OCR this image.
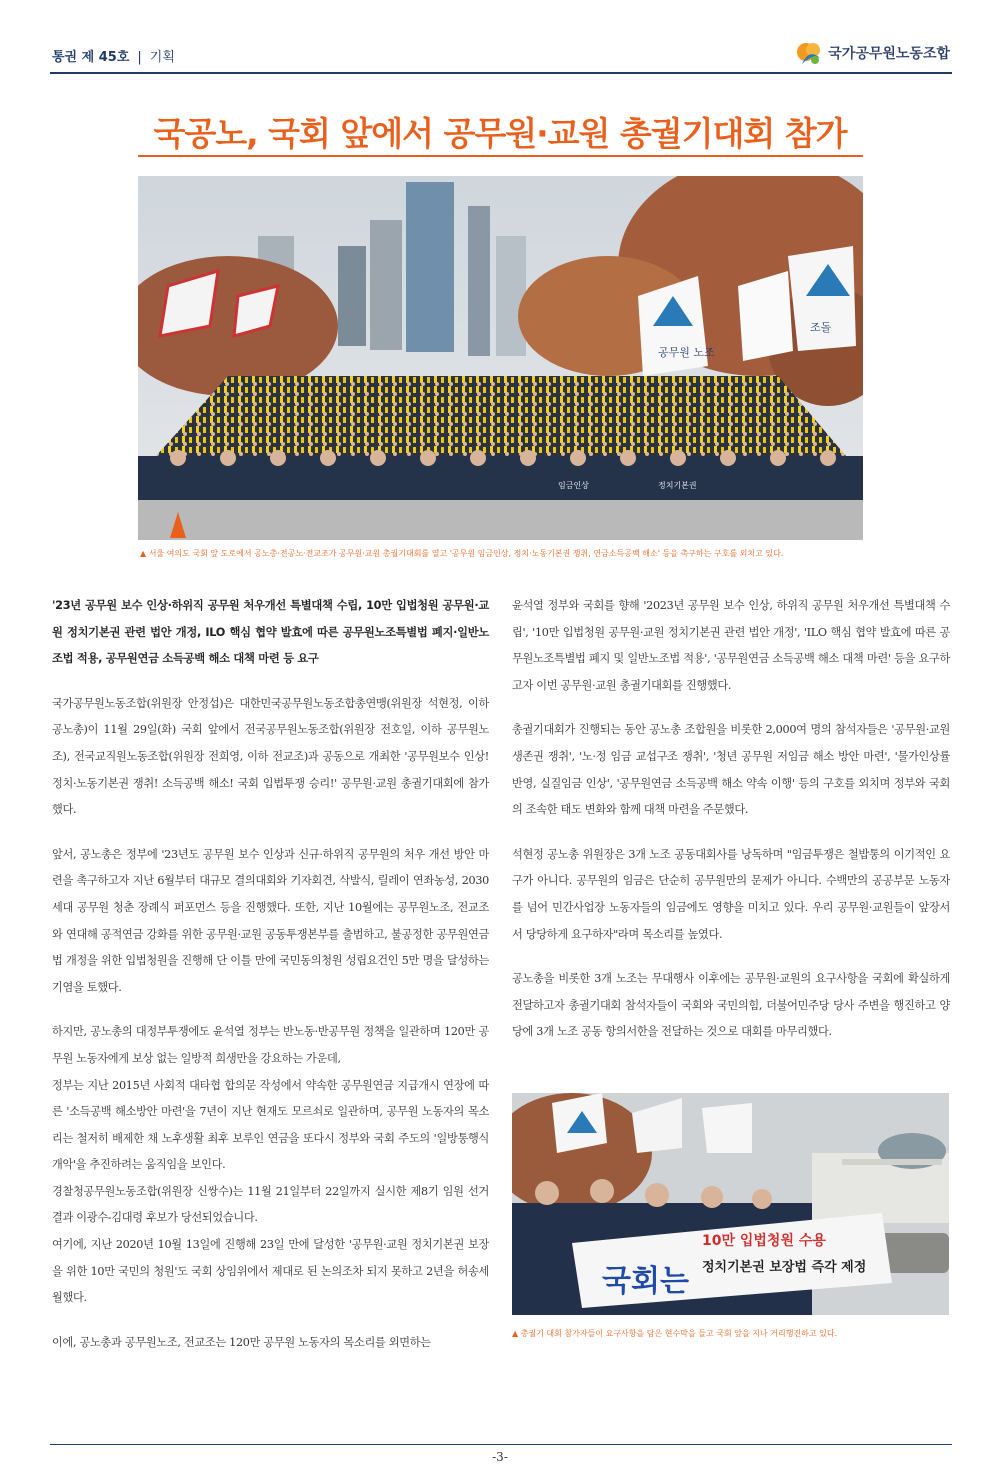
통권 제 45호 | 기획	국가공무원노동조합
국공노, 국회 앞에서 공무원·교원 총궐기대회 참가
공무원 노조
조돌
임금인상	정치기본권
▲ 서울 여의도 국회 앞 도로에서 공노총·전공노·전교조가 공무원·교원 총궐기대회를 열고 '공무원 임금인상, 정치·노동기본권 쟁취, 연금소득공백 해소' 등을 촉구하는 구호를 외치고 있다.

'23년 공무원 보수 인상·하위직 공무원 처우개선 특별대책 수립, 10만 입법청원 공무원·교원 정치기본권 관련 법안 개정, ILO 핵심 협약 발효에 따른 공무원노조특별법 폐지·일반노조법 적용, 공무원연금 소득공백 해소 대책 마련 등 요구

국가공무원노동조합(위원장 안정섭)은 대한민국공무원노동조합총연맹(위원장 석현정, 이하 공노총)이 11월 29일(화) 국회 앞에서 전국공무원노동조합(위원장 전호일, 이하 공무원노조), 전국교직원노동조합(위원장 전희영, 이하 전교조)과 공동으로 개최한 '공무원보수 인상! 정치·노동기본권 쟁취! 소득공백 해소! 국회 입법투쟁 승리!' 공무원·교원 총궐기대회에 참가했다.

앞서, 공노총은 정부에 '23년도 공무원 보수 인상과 신규·하위직 공무원의 처우 개선 방안 마련을 촉구하고자 지난 6월부터 대규모 결의대회와 기자회견, 삭발식, 릴레이 연좌농성, 2030세대 공무원 청춘 장례식 퍼포먼스 등을 진행했다. 또한, 지난 10월에는 공무원노조, 전교조와 연대해 공적연금 강화를 위한 공무원·교원 공동투쟁본부를 출범하고, 불공정한 공무원연금법 개정을 위한 입법청원을 진행해 단 이틀 만에 국민동의청원 성립요건인 5만 명을 달성하는 기염을 토했다.

하지만, 공노총의 대정부투쟁에도 윤석열 정부는 반노동·반공무원 정책을 일관하며 120만 공무원 노동자에게 보상 없는 일방적 희생만을 강요하는 가운데,

정부는 지난 2015년 사회적 대타협 합의문 작성에서 약속한 공무원연금 지급개시 연장에 따른 '소득공백 해소방안 마련'을 7년이 지난 현재도 모르쇠로 일관하며, 공무원 노동자의 목소리는 철저히 배제한 채 노후생활 최후 보루인 연금을 또다시 정부와 국회 주도의 '일방통행식 개악'을 추진하려는 움직임을 보인다.

경찰청공무원노동조합(위원장 신쌍수)는 11월 21일부터 22일까지 실시한 제8기 임원 선거 결과 이광수-김대령 후보가 당선되었습니다.

여기에, 지난 2020년 10월 13일에 진행해 23일 만에 달성한 '공무원·교원 정치기본권 보장을 위한 10만 국민의 청원'도 국회 상임위에서 제대로 된 논의조차 되지 못하고 2년을 허송세월했다.

이에, 공노총과 공무원노조, 전교조는 120만 공무원 노동자의 목소리를 외면하는

윤석열 정부와 국회를 향해 '2023년 공무원 보수 인상, 하위직 공무원 처우개선 특별대책 수립', '10만 입법청원 공무원·교원 정치기본권 관련 법안 개정', 'ILO 핵심 협약 발효에 따른 공무원노조특별법 폐지 및 일반노조법 적용', '공무원연금 소득공백 해소 대책 마련' 등을 요구하고자 이번 공무원·교원 총궐기대회를 진행했다.

총궐기대회가 진행되는 동안 공노총 조합원을 비롯한 2,000여 명의 참석자들은 '공무원·교원 생존권 쟁취', '노·정 임금 교섭구조 쟁취', '청년 공무원 저임금 해소 방안 마련', '물가인상률 반영, 실질임금 인상', '공무원연금 소득공백 해소 약속 이행' 등의 구호를 외치며 정부와 국회의 조속한 태도 변화와 함께 대책 마련을 주문했다.

석현정 공노총 위원장은 3개 노조 공동대회사를 낭독하며 "임금투쟁은 철밥통의 이기적인 요구가 아니다. 공무원의 임금은 단순히 공무원만의 문제가 아니다. 수백만의 공공부문 노동자를 넘어 민간사업장 노동자들의 임금에도 영향을 미치고 있다. 우리 공무원·교원들이 앞장서서 당당하게 요구하자"라며 목소리를 높였다.

공노총을 비롯한 3개 노조는 무대행사 이후에는 공무원·교원의 요구사항을 국회에 확실하게 전달하고자 총궐기대회 참석자들이 국회와 국민의힘, 더불어민주당 당사 주변을 행진하고 양당에 3개 노조 공동 항의서한을 전달하는 것으로 대회를 마무리했다.

국회는
10만 입법청원 수용
정치기본권 보장법 즉각 제정
▲ 총궐기 대회 참가자들이 요구사항을 담은 현수막을 들고 국회 앞을 지나 거리행진하고 있다.
-3-
